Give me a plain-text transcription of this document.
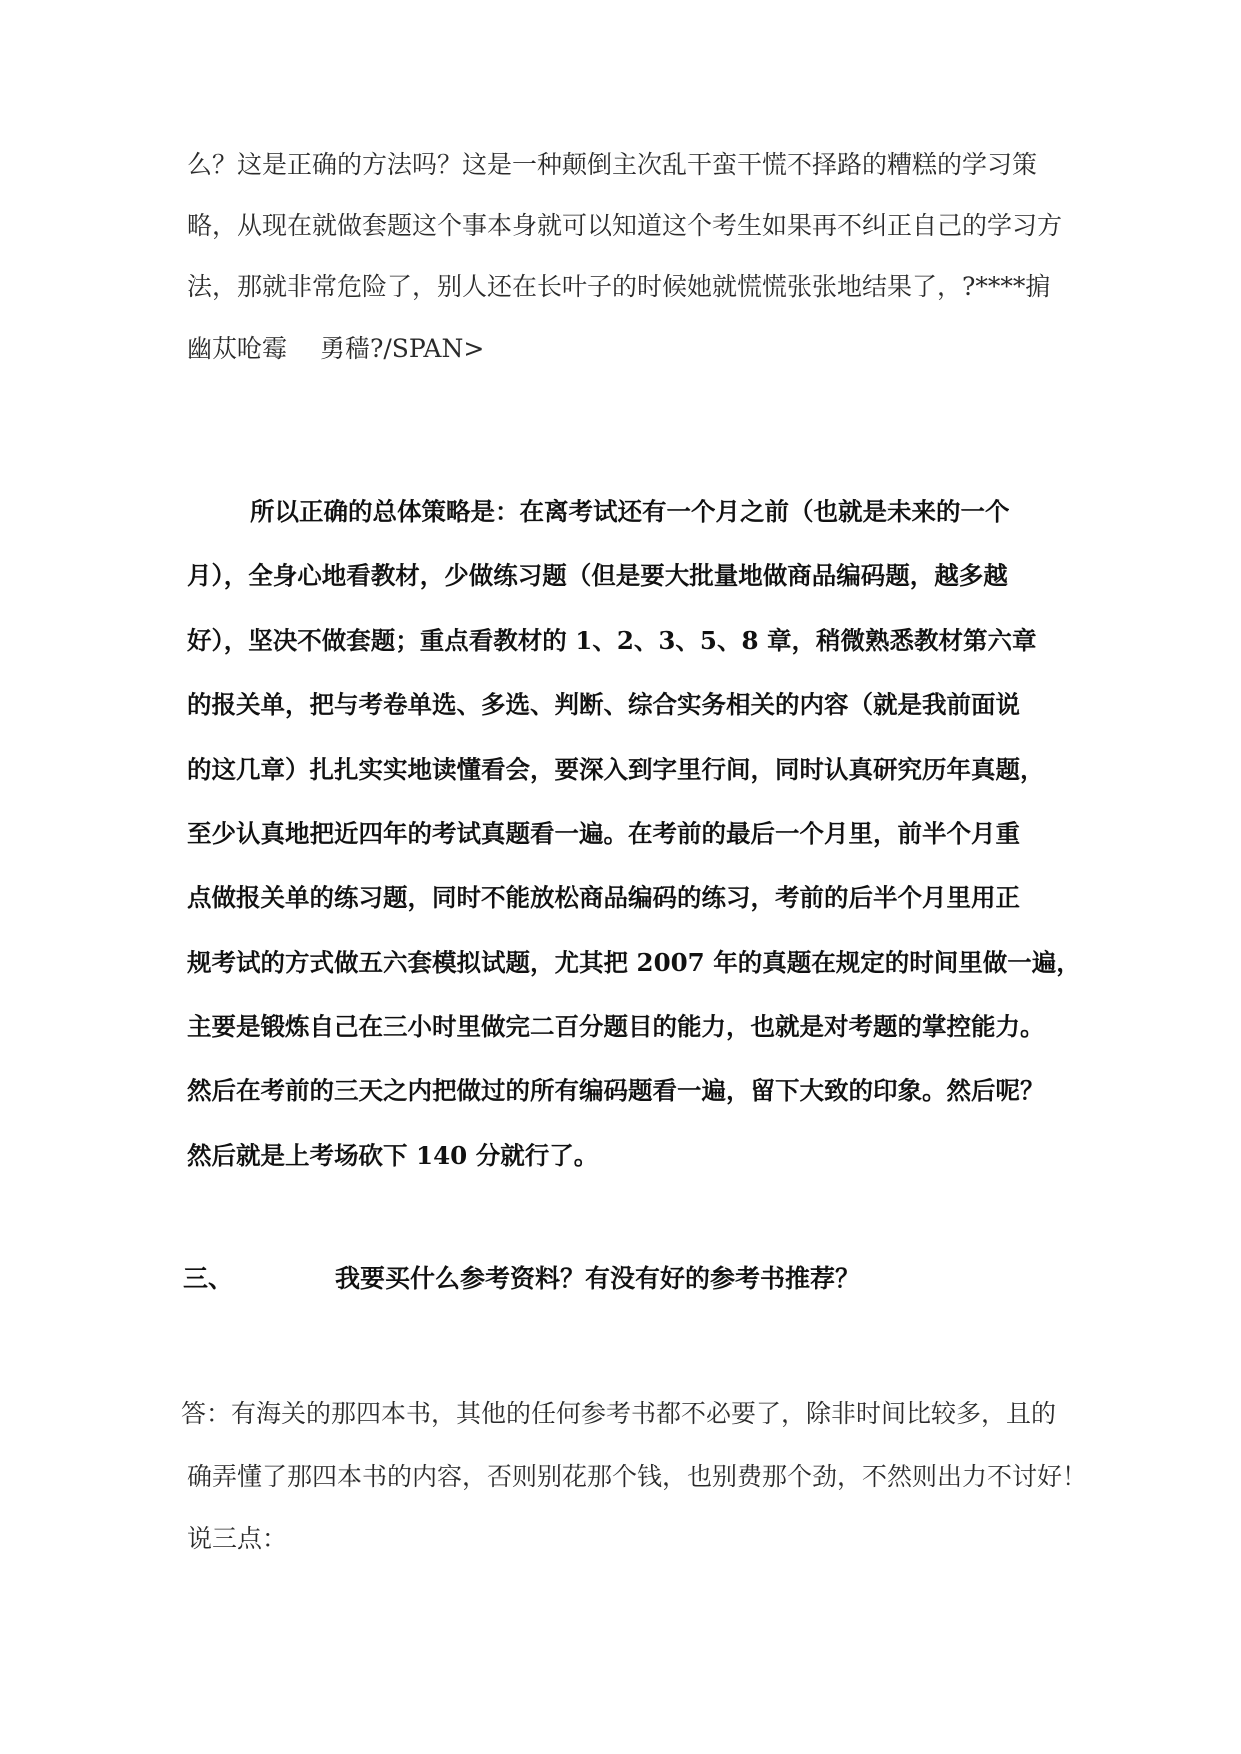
么？这是正确的方法吗？这是一种颠倒主次乱干蛮干慌不择路的糟糕的学习策
略，从现在就做套题这个事本身就可以知道这个考生如果再不纠正自己的学习方
法，那就非常危险了，别人还在长叶子的时候她就慌慌张张地结果了，?****掮
幽苁呛霉　 勇穑?/SPAN>
所以正确的总体策略是：在离考试还有一个月之前（也就是未来的一个
月），全身心地看教材，少做练习题（但是要大批量地做商品编码题，越多越
好），坚决不做套题；重点看教材的 1、2、3、5、8 章，稍微熟悉教材第六章
的报关单，把与考卷单选、多选、判断、综合实务相关的内容（就是我前面说
的这几章）扎扎实实地读懂看会，要深入到字里行间，同时认真研究历年真题，
至少认真地把近四年的考试真题看一遍。在考前的最后一个月里，前半个月重
点做报关单的练习题，同时不能放松商品编码的练习，考前的后半个月里用正
规考试的方式做五六套模拟试题，尤其把 2007 年的真题在规定的时间里做一遍，
主要是锻炼自己在三小时里做完二百分题目的能力，也就是对考题的掌控能力。
然后在考前的三天之内把做过的所有编码题看一遍，留下大致的印象。然后呢？
然后就是上考场砍下 140 分就行了。
三、	我要买什么参考资料？有没有好的参考书推荐？
答：有海关的那四本书，其他的任何参考书都不必要了，除非时间比较多，且的
确弄懂了那四本书的内容，否则别花那个钱，也别费那个劲，不然则出力不讨好！
说三点：
